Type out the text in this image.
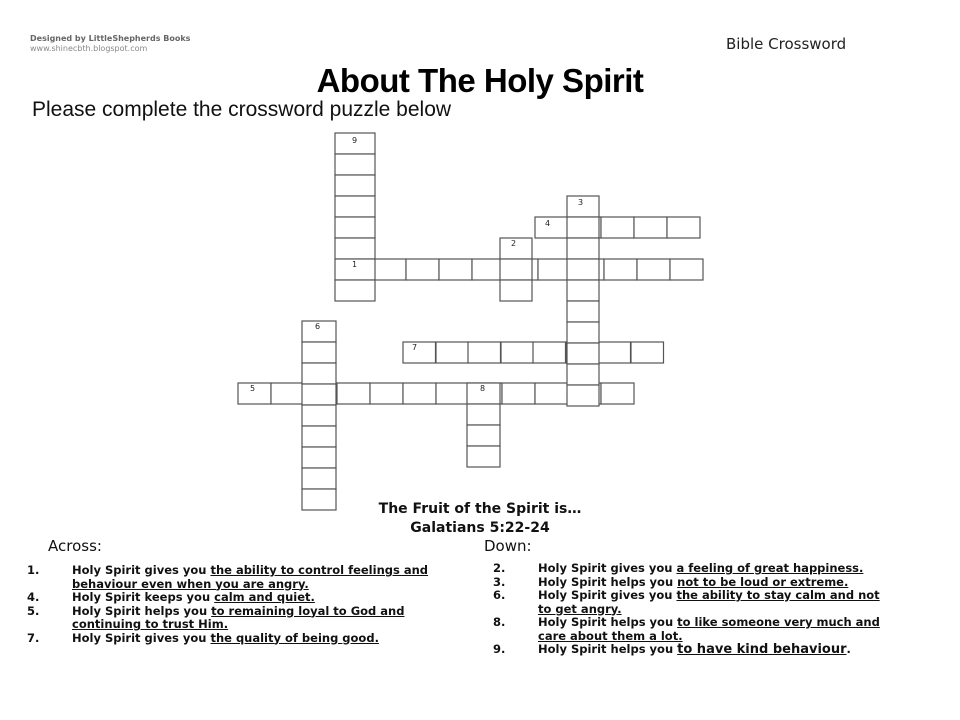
Designed by LittleShepherds Books
www.shinecbth.blogspot.com	Bible Crossword
About The Holy Spirit
Please complete the crossword puzzle below
9
3
4
2
1
6
7
5	8
The Fruit of the Spirit is…
Galatians 5:22-24
Across:	Down:
1.	Holy Spirit gives you the ability to control feelings and behaviour even when you are angry.
4.	Holy Spirit keeps you calm and quiet.
5.	Holy Spirit helps you to remaining loyal to God and continuing to trust Him.
7.	Holy Spirit gives you the quality of being good.
2.	Holy Spirit gives you a feeling of great happiness.
3.	Holy Spirit helps you not to be loud or extreme.
6.	Holy Spirit gives you the ability to stay calm and not to get angry.
8.	Holy Spirit helps you to like someone very much and care about them a lot.
9.	Holy Spirit helps you to have kind behaviour.
